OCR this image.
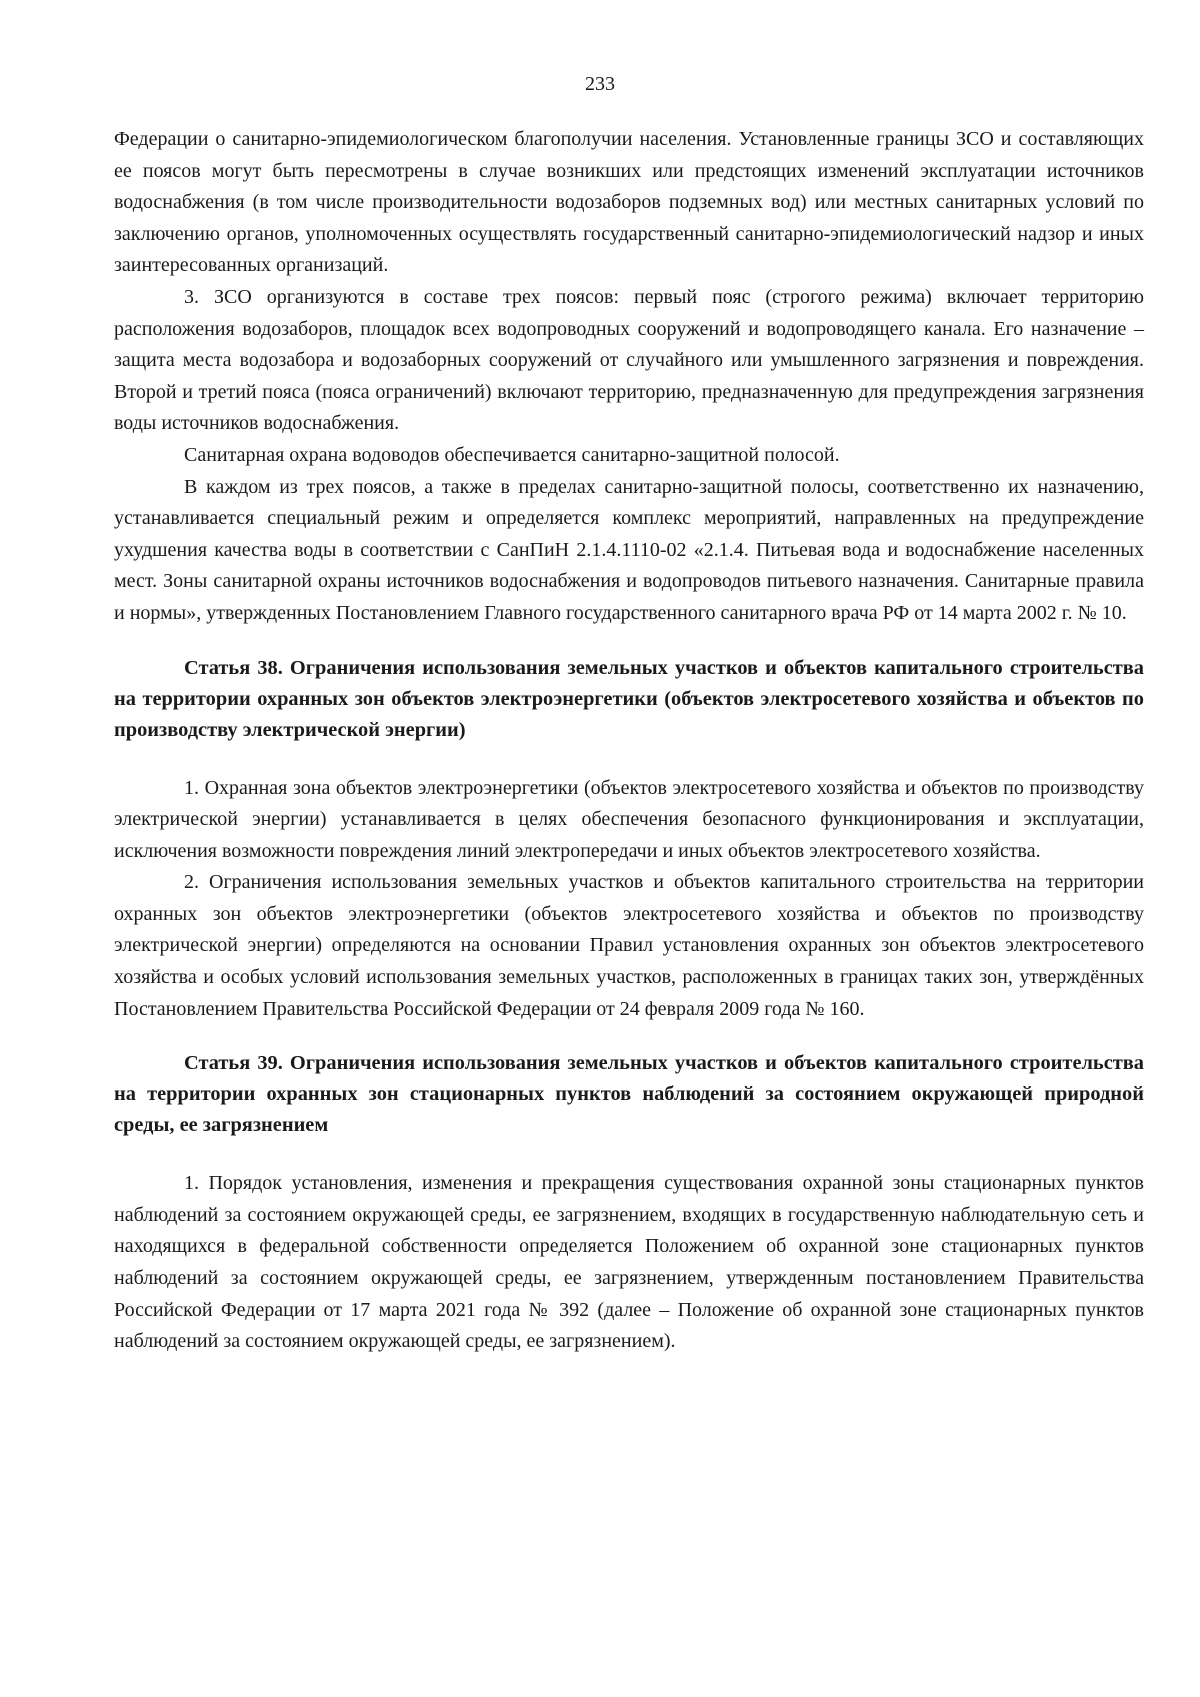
233

Федерации о санитарно-эпидемиологическом благополучии населения. Установленные границы ЗСО и составляющих ее поясов могут быть пересмотрены в случае возникших или предстоящих изменений эксплуатации источников водоснабжения (в том числе производительности водозаборов подземных вод) или местных санитарных условий по заключению органов, уполномоченных осуществлять государственный санитарно-эпидемиологический надзор и иных заинтересованных организаций.

3. ЗСО организуются в составе трех поясов: первый пояс (строгого режима) включает территорию расположения водозаборов, площадок всех водопроводных сооружений и водопроводящего канала. Его назначение – защита места водозабора и водозаборных сооружений от случайного или умышленного загрязнения и повреждения. Второй и третий пояса (пояса ограничений) включают территорию, предназначенную для предупреждения загрязнения воды источников водоснабжения.

Санитарная охрана водоводов обеспечивается санитарно-защитной полосой.

В каждом из трех поясов, а также в пределах санитарно-защитной полосы, соответственно их назначению, устанавливается специальный режим и определяется комплекс мероприятий, направленных на предупреждение ухудшения качества воды в соответствии с СанПиН 2.1.4.1110-02 «2.1.4. Питьевая вода и водоснабжение населенных мест. Зоны санитарной охраны источников водоснабжения и водопроводов питьевого назначения. Санитарные правила и нормы», утвержденных Постановлением Главного государственного санитарного врача РФ от 14 марта 2002 г. № 10.

Статья 38. Ограничения использования земельных участков и объектов капитального строительства на территории охранных зон объектов электроэнергетики (объектов электросетевого хозяйства и объектов по производству электрической энергии)

1. Охранная зона объектов электроэнергетики (объектов электросетевого хозяйства и объектов по производству электрической энергии) устанавливается в целях обеспечения безопасного функционирования и эксплуатации, исключения возможности повреждения линий электропередачи и иных объектов электросетевого хозяйства.

2. Ограничения использования земельных участков и объектов капитального строительства на территории охранных зон объектов электроэнергетики (объектов электросетевого хозяйства и объектов по производству электрической энергии) определяются на основании Правил установления охранных зон объектов электросетевого хозяйства и особых условий использования земельных участков, расположенных в границах таких зон, утверждённых Постановлением Правительства Российской Федерации от 24 февраля 2009 года № 160.

Статья 39. Ограничения использования земельных участков и объектов капитального строительства на территории охранных зон стационарных пунктов наблюдений за состоянием окружающей природной среды, ее загрязнением

1. Порядок установления, изменения и прекращения существования охранной зоны стационарных пунктов наблюдений за состоянием окружающей среды, ее загрязнением, входящих в государственную наблюдательную сеть и находящихся в федеральной собственности определяется Положением об охранной зоне стационарных пунктов наблюдений за состоянием окружающей среды, ее загрязнением, утвержденным постановлением Правительства Российской Федерации от 17 марта 2021 года № 392 (далее – Положение об охранной зоне стационарных пунктов наблюдений за состоянием окружающей среды, ее загрязнением).
